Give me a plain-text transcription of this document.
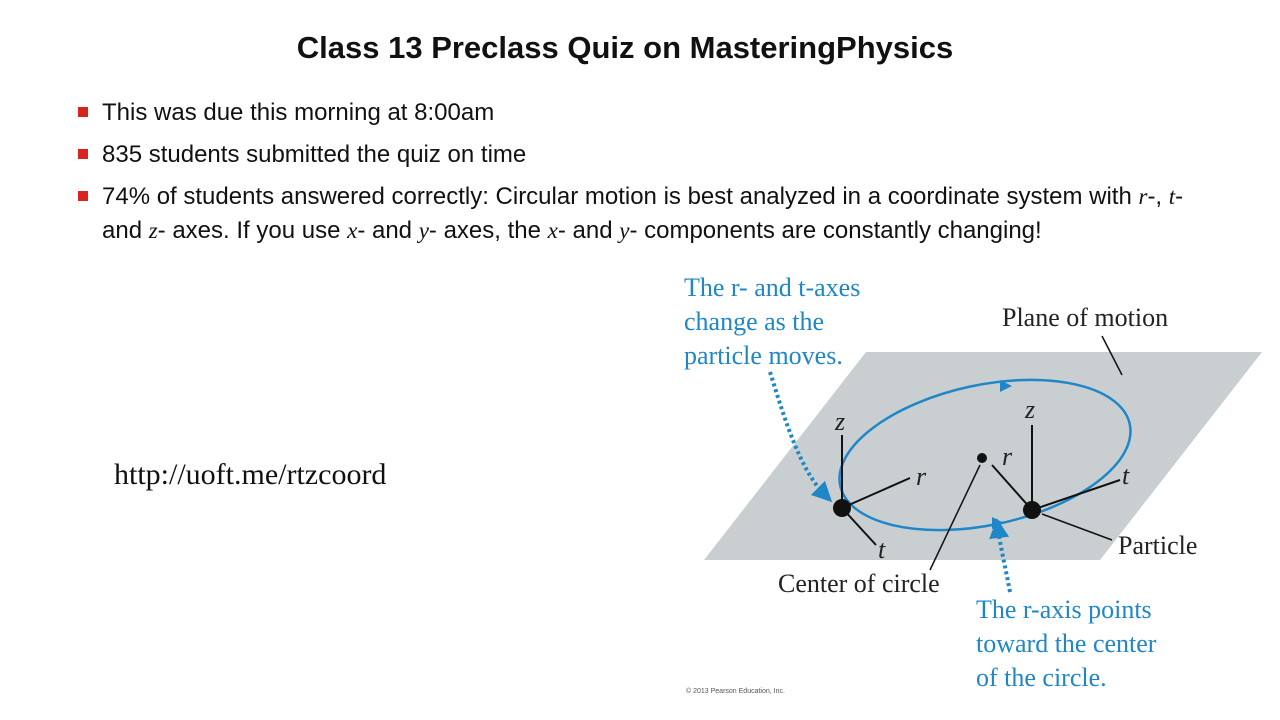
Class 13 Preclass Quiz on MasteringPhysics
This was due this morning at 8:00am
835 students submitted the quiz on time
74% of students answered correctly: Circular motion is best analyzed in a coordinate system with r-, t- and z- axes. If you use x- and y- axes, the x- and y- components are constantly changing!
http://uoft.me/rtzcoord
z
r
t
z
r
t
The r- and t-axes
change as the
particle moves.
Plane of motion
Center of circle
Particle
The r-axis points
toward the center
of the circle.
© 2013 Pearson Education, Inc.
